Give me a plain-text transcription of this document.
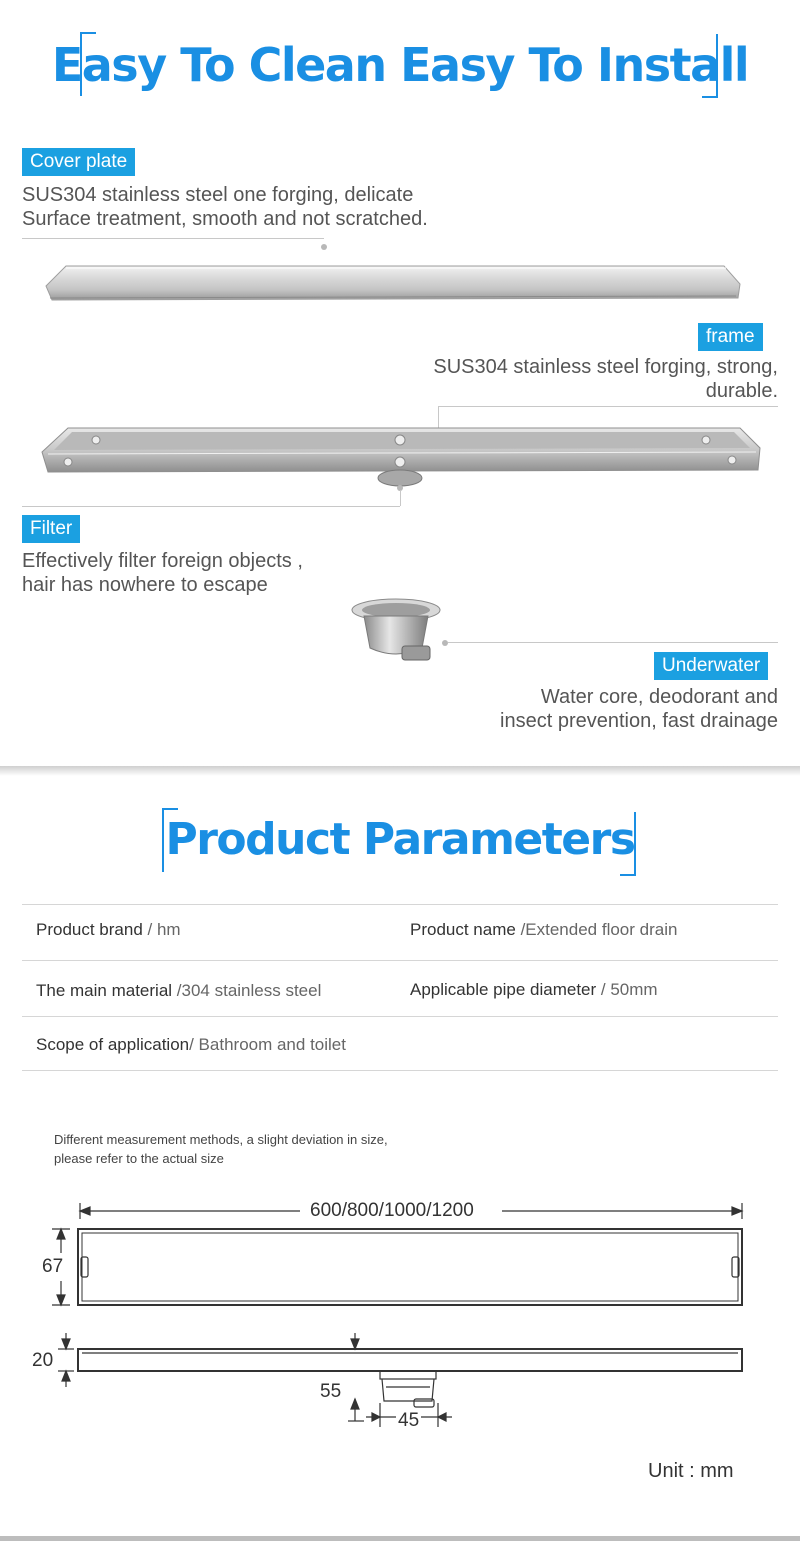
Easy To Clean Easy To Install
Cover plate
SUS304 stainless steel one forging, delicate
Surface treatment, smooth and not scratched.
frame
SUS304 stainless steel forging, strong,
durable.
Filter
Effectively filter foreign objects ,
hair has nowhere to escape
Underwater
Water core, deodorant and
insect prevention, fast drainage
Product Parameters
Product brand / hm	Product name /Extended floor drain
The main material /304 stainless steel	Applicable pipe diameter / 50mm
Scope of application/ Bathroom and toilet
Different measurement methods, a slight deviation in size,
please refer to the actual size
600/800/1000/1200
67
20
55
45
Unit : mm
